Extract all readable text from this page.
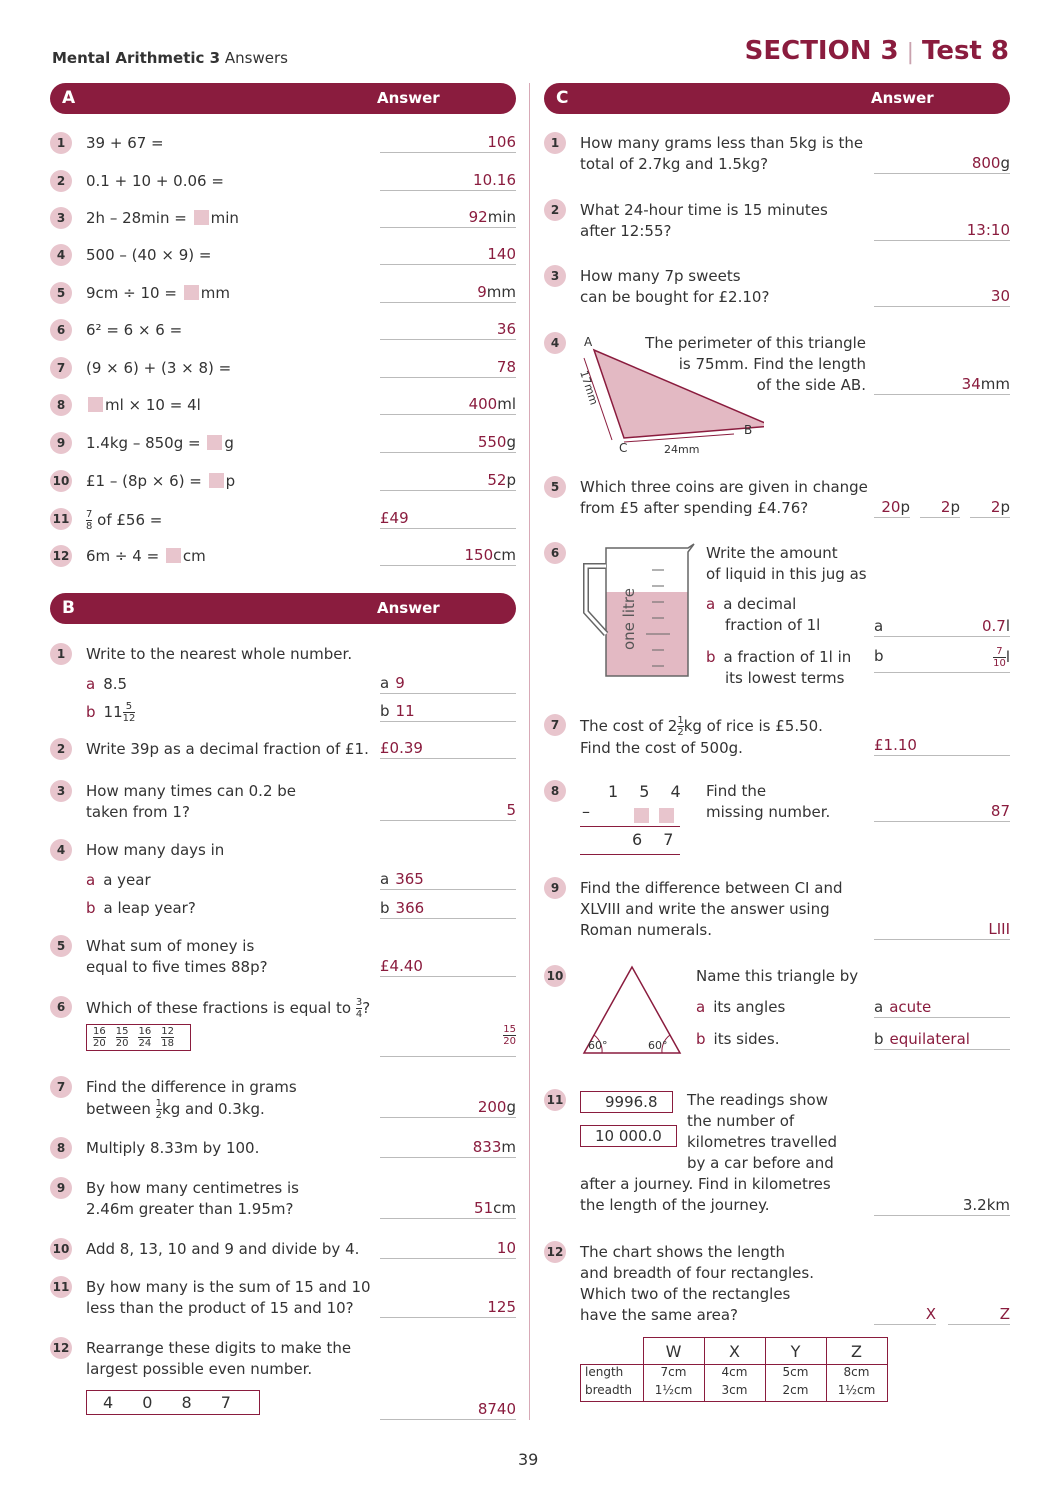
Mental Arithmetic 3 Answers	SECTION 3 | Test 8
A	Answer
1	39 + 67 =	106
2	0.1 + 10 + 0.06 =	10.16
3	2h – 28min = min	92min
4	500 – (40 × 9) =	140
5	9cm ÷ 10 = mm	9mm
6	6² = 6 × 6 =	36
7	(9 × 6) + (3 × 8) =	78
8	ml × 10 = 4l	400ml
9	1.4kg – 850g = g	550g
10 £1 – (8p × 6) = p	52p
$11 \frac{7}{8}$ of £56 =	£49
12 6m ÷ 4 = cm	150cm
B	Answer
1	Write to the nearest whole number.
a 8.5	a 9
b $11 \frac{5}{12}$	b 11
2	Write 39p as a decimal fraction of £1. £0.39
3	How many times can 0.2 be
taken from 1?	5
4	How many days in
a a year	a 365
b a leap year?	b 366
5	What sum of money is
equal to five times 88p?	£4.40
6	Which of these fractions is equal to $\frac{3}{4}$ ?
$\frac{16}{20} \frac{15}{20} \frac{16}{24} \frac{12}{18}$	$\frac{15}{20}$
7	Find the difference in grams
between $\frac{1}{2}$ kg and 0.3kg.	200g
8	Multiply 8.33m by 100.	833m
9	By how many centimetres is
2.46m greater than 1.95m?	51cm
10 Add 8, 13, 10 and 9 and divide by 4.	10
11 By how many is the sum of 15 and 10
less than the product of 15 and 10?	125
12 Rearrange these digits to make the
largest possible even number.
4 0 8 7	8740
C	Answer
1	How many grams less than 5kg is the
total of 2.7kg and 1.5kg?	800g
2	What 24-hour time is 15 minutes
after 12:55?	13:10
3	How many 7p sweets
can be bought for £2.10?	30
4	A
C
B
17mm
24mm
The perimeter of this triangle
is 75mm. Find the length
of the side AB.	34mm
5	Which three coins are given in change
from £5 after spending £4.76?	20p	2p	2p
6
one litre
Write the amount
of liquid in this jug as
a a decimal
fraction of 1l
b a fraction of 1l in
its lowest terms
a	0.7l
b	$\frac{7}{10}$ l
7	The cost of $2 \frac{1}{2}$ kg of rice is £5.50.
Find the cost of 500g.	£1.10
8	1 5 4
–
6 7
Find the
missing number.	87
9	Find the difference between CI and
XLVIII and write the answer using
Roman numerals.	LIII
10
60°	60°
Name this triangle by
a its angles
b its sides.
a acute
b equilateral
11	9996.8
10 000.0
The readings show
the number of
kilometres travelled
by a car before and
after a journey. Find in kilometres
the length of the journey.	3.2km
12 The chart shows the length
and breadth of four rectangles.
Which two of the rectangles
have the same area?	X	Z
	W	X	Y	Z
length	7cm	4cm	5cm	8cm
breadth	1½cm	3cm	2cm	1½cm
39
